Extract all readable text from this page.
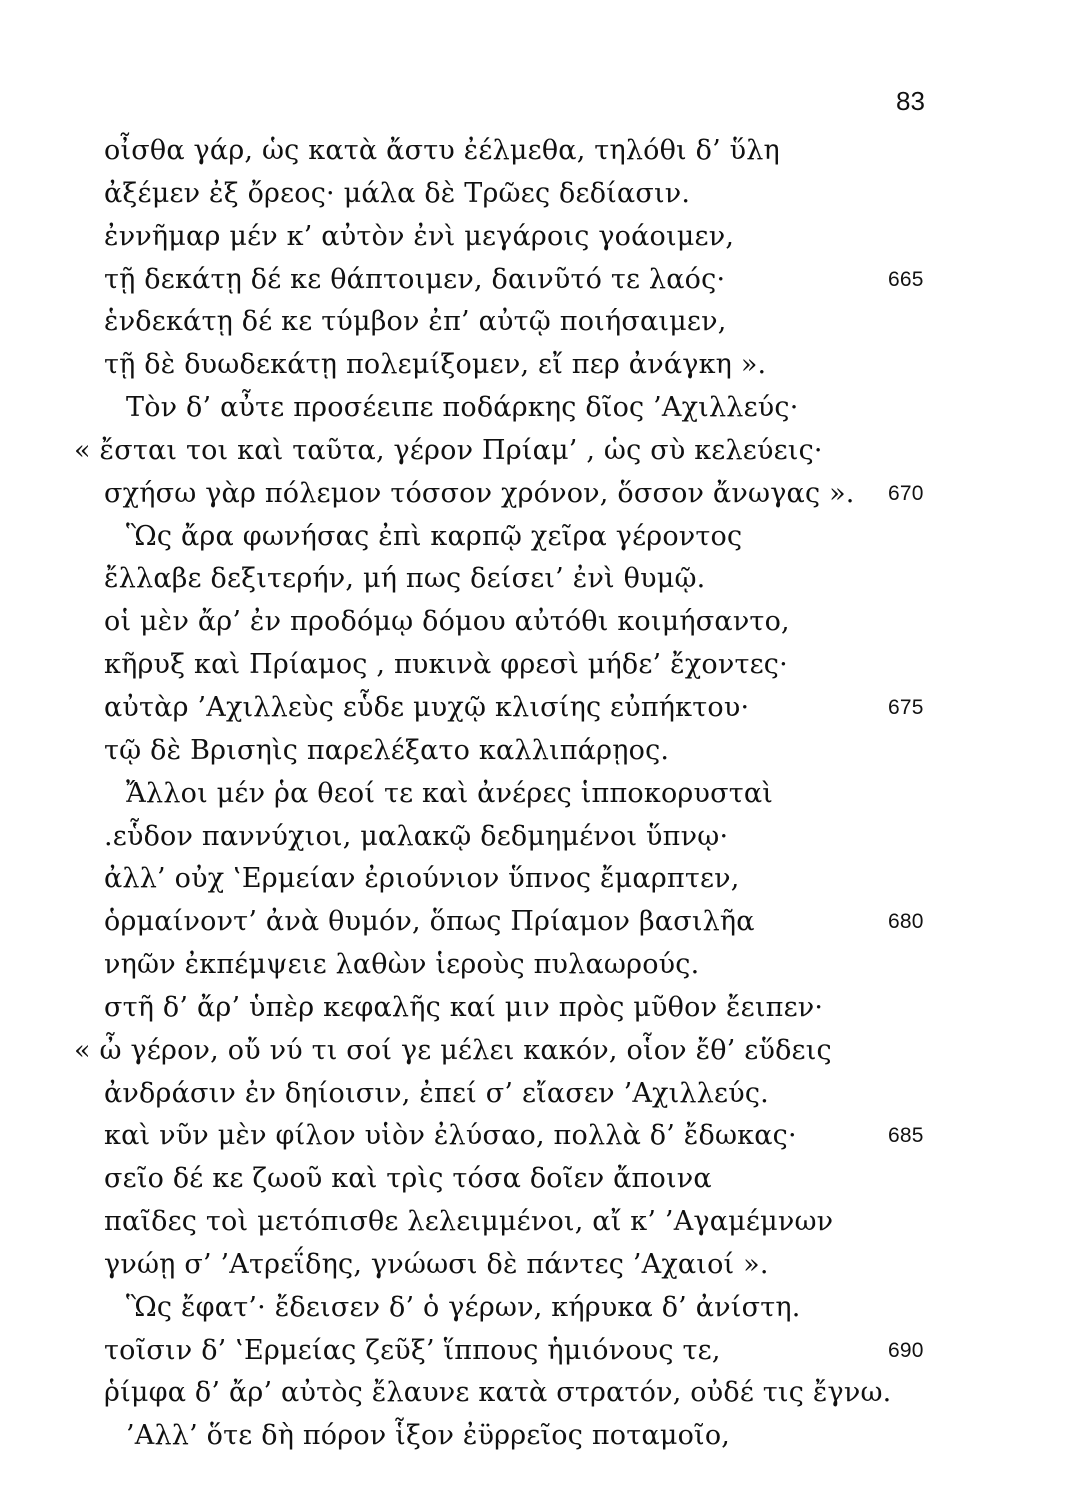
83
οἶσθα γάρ, ὡς κατὰ ἄστυ ἐέλμεθα, τηλόθι δ’ ὕλη
ἀξέμεν ἐξ ὄρεος· μάλα δὲ Τρῶες δεδίασιν.
ἐννῆμαρ μέν κ’ αὐτὸν ἐνὶ μεγάροις γοάοιμεν,
τῇ δεκάτῃ δέ κε θάπτοιμεν, δαινῦτό τε λαός·	665
ἑνδεκάτῃ δέ κε τύμβον ἐπ’ αὐτῷ ποιήσαιμεν,
τῇ δὲ δυωδεκάτῃ πολεμίξομεν, εἴ περ ἀνάγκη ».
Τὸν δ’ αὖτε προσέειπε ποδάρκης δῖος ’Αχιλλεύς·
« ἔσται τοι καὶ ταῦτα, γέρον Πρίαμ’ , ὡς σὺ κελεύεις·
σχήσω γὰρ πόλεμον τόσσον χρόνον, ὅσσον ἄνωγας ». 670
Ὣς ἄρα φωνήσας ἐπὶ καρπῷ χεῖρα γέροντος
ἔλλαβε δεξιτερήν, μή πως δείσει’ ἐνὶ θυμῷ.
οἱ μὲν ἄρ’ ἐν προδόμῳ δόμου αὐτόθι κοιμήσαντο,
κῆρυξ καὶ Πρίαμος , πυκινὰ φρεσὶ μήδε’ ἔχοντες·
αὐτὰρ ’Αχιλλεὺς εὗδε μυχῷ κλισίης εὐπήκτου·	675
τῷ δὲ Βρισηὶς παρελέξατο καλλιπάρῃος.
Ἄλλοι μέν ῥα θεοί τε καὶ ἀνέρες ἱπποκορυσταὶ
.εὗδον παννύχιοι, μαλακῷ δεδμημένοι ὕπνῳ·
ἀλλ’ οὐχ ‛Ερμείαν ἐριούνιον ὕπνος ἔμαρπτεν,
ὁρμαίνοντ’ ἀνὰ θυμόν, ὅπως Πρίαμον βασιλῆα	680
νηῶν ἐκπέμψειε λαθὼν ἱεροὺς πυλαωρούς.
στῆ δ’ ἄρ’ ὑπὲρ κεφαλῆς καί μιν πρὸς μῦθον ἔειπεν·
« ὦ γέρον, οὔ νύ τι σοί γε μέλει κακόν, οἷον ἔθ’ εὕδεις
ἀνδράσιν ἐν δηίοισιν, ἐπεί σ’ εἴασεν ’Αχιλλεύς.
καὶ νῦν μὲν φίλον υἱὸν ἐλύσαο, πολλὰ δ’ ἔδωκας·	685
σεῖο δέ κε ζωοῦ καὶ τρὶς τόσα δοῖεν ἄποινα
παῖδες τοὶ μετόπισθε λελειμμένοι, αἴ κ’ ’Αγαμέμνων
γνώῃ σ’ ’Ατρεΐδης, γνώωσι δὲ πάντες ’Αχαιοί ».
Ὣς ἔφατ’· ἔδεισεν δ’ ὁ γέρων, κήρυκα δ’ ἀνίστη.
τοῖσιν δ’ ‛Ερμείας ζεῦξ’ ἵππους ἡμιόνους τε,	690
ῥίμφα δ’ ἄρ’ αὐτὸς ἔλαυνε κατὰ στρατόν, οὐδέ τις ἔγνω.
’Αλλ’ ὅτε δὴ πόρον ἷξον ἐϋρρεῖος ποταμοῖο,
